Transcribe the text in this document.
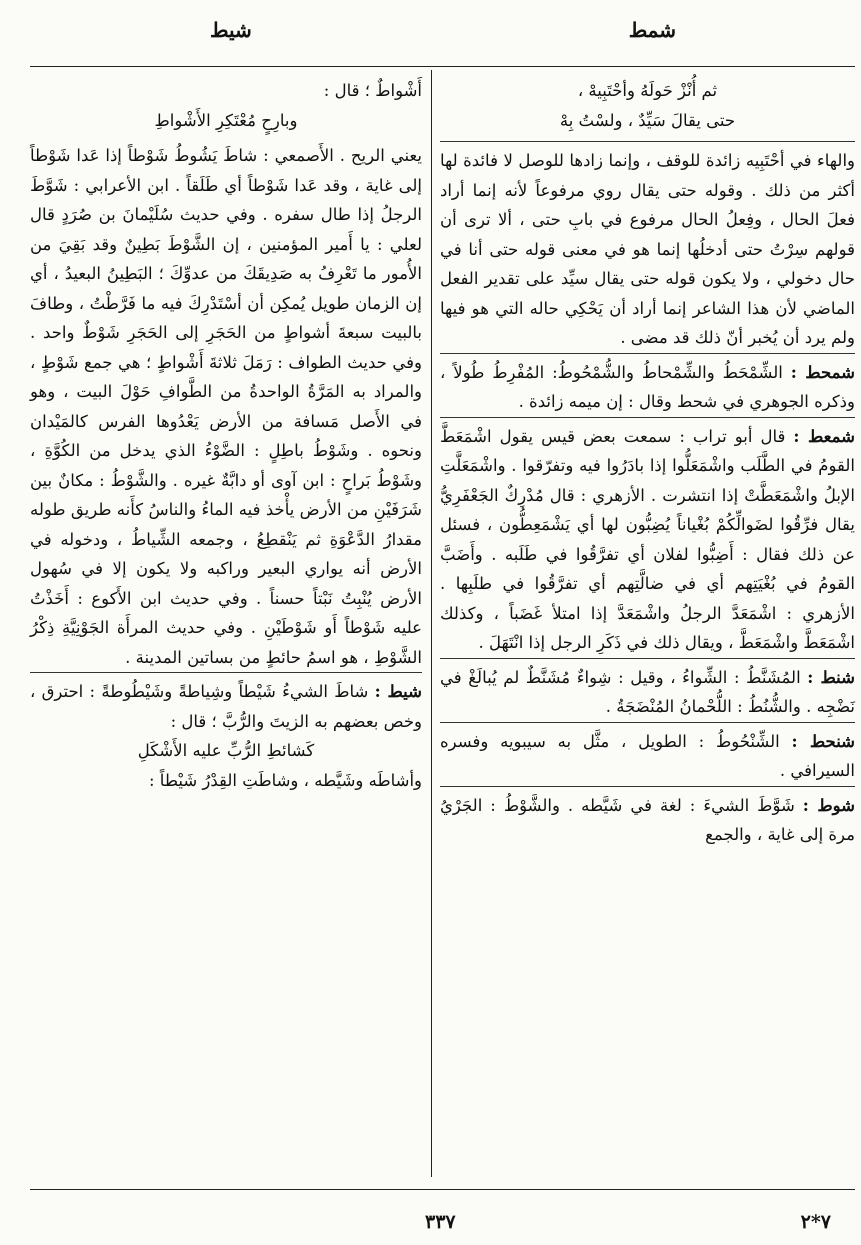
شمط
شيط

ثم أُنْزْ حَولَهُ وأحْتَبِيهْ ،

حتى يقالَ سَيِّدٌ ، ولسْتُ بِهْ

والهاء في أحْتَبِيه زائدة للوقف ، وإنما زادها للوصل لا فائدة لها أكثر من ذلك . وقوله حتى يقال روي مرفوعاً لأنه إنما أراد فعلَ الحال ، وفِعلُ الحال مرفوع في بابِ حتى ، ألا ترى أن قولهم سِرْتُ حتى أدخلُها إنما هو في معنى قوله حتى أنا في حال دخولي ، ولا يكون قوله حتى يقال سيِّد على تقدير الفعل الماضي لأن هذا الشاعر إنما أراد أن يَحْكِي حاله التي هو فيها ولم يرد أن يُخبر أنّ ذلك قد مضى .

شمحط : الشِّمْحَطُ والشِّمْحاطُ والشُّمْحُوطُ: المُفْرِطُ طُولاً ، وذكره الجوهري في شحط وقال : إن ميمه زائدة .

شمعط : قال أبو تراب : سمعت بعض قيس يقول اشْمَعَطَّ القومُ في الطَّلَب واشْمَعَلُّوا إذا بادَرُوا فيه وتفرّقوا . واشْمَعَلَّتِ الإبلُ واشْمَعَطَّتْ إذا انتشرت . الأزهري : قال مُدْرِكٌ الجَعْفَرِيُّ يقال فرِّقُوا لضَوالِّكُمْ بُغْياناً يُضِبُّون لها أي يَشْمَعِطُّون ، فسئل عن ذلك فقال : أَضِبُّوا لفلان أي تفرَّقُوا في طَلَبه . وأَضَبَّ القومُ في بُغْيَتِهم أي في ضالَّتِهم أي تفرَّقُوا في طلَبِها . الأزهري : اشْمَعَدَّ الرجلُ واشْمَعَدَّ إذا امتلأ غَضَباً ، وكذلك اشْمَعَطَّ واشْمَعَطَّ ، ويقال ذلك في ذَكَرِ الرجل إذا انْتَهَلَ .

شنط : المُشَنَّطُ : الشِّواءُ ، وقيل : شِواءٌ مُشَنَّطٌ لم يُبالَغْ في نَضْجِه . والشُّنُطُ : اللُّحْمانُ المُنْضَجَةُ .

شنحط : الشِّنْحُوطُ : الطويل ، مثَّل به سيبويه وفسره السيرافي .

شوط : شَوَّطَ الشيءَ : لغة في شَيَّطه . والشَّوْطُ : الجَرْيُ مرة إلى غاية ، والجمع

أَشْواطٌ ؛ قال :

وبارِحٍ مُعْتَكِرِ الأَشْواطِ

يعني الريح . الأَصمعي : شاطَ يَشُوطُ شَوْطاً إذا عَدا شَوْطاً إلى غاية ، وقد عَدا شَوْطاً أي طَلَقاً . ابن الأعرابي : شَوَّطَ الرجلُ إذا طال سفره . وفي حديث سُلَيْمانَ بن صُرَدٍ قال لعلي : يا أَمير المؤمنين ، إن الشَّوْطَ بَطِينٌ وقد بَقِيَ من الأُمور ما تَعْرِفُ به صَدِيقَكَ من عدوِّكَ ؛ البَطِينُ البعيدُ ، أي إن الزمان طويل يُمكِن أن أسْتَدْرِكَ فيه ما فَرَّطْتُ ، وطافَ بالبيت سبعةَ أشواطٍ من الحَجَرِ إلى الحَجَرِ شَوْطٌ واحد . وفي حديث الطواف : رَمَلَ ثلاثةَ أَشْواطٍ ؛ هي جمع شَوْطٍ ، والمراد به المَرَّةُ الواحدةُ من الطَّوافِ حَوْلَ البيت ، وهو في الأَصل مَسافة من الأرض يَعْدُوها الفرس كالمَيْدان ونحوه . وشَوْطُ باطِلٍ : الضَّوْءُ الذي يدخل من الكُوَّةِ ، وشَوْطُ بَراحٍ : ابن آوى أو دابَّةٌ غيره . والشَّوْطُ : مكانٌ بين شَرَفَيْنِ من الأرض يأْخذ فيه الماءُ والناسُ كأَنه طريق طوله مقدارُ الدَّعْوَةِ ثم يَنْقطِعُ ، وجمعه الشِّياطُ ، ودخوله في الأرض أنه يواري البعير وراكبه ولا يكون إلا في سُهول الأرض يُنْبِتُ نَبْتاً حسناً . وفي حديث ابن الأَكوع : أَخَذْتُ عليه شَوْطاً أَو شَوْطَيْنِ . وفي حديث المرأَة الجَوْنِيَّةِ ذِكْرُ الشَّوْطِ ، هو اسمُ حائطٍ من بساتين المدينة .

شيط : شاطَ الشيءُ شَيْطاً وشِياطةً وشَيْطُوطةً : احترق ، وخص بعضهم به الزيتَ والرُّبَّ ؛ قال :

كَشائطِ الرُّبِّ عليه الأَشْكَلِ

وأشاطَه وشَيَّطه ، وشاطَتِ القِدْرُ شَيْطاً :

٣٣٧	٧*٢
